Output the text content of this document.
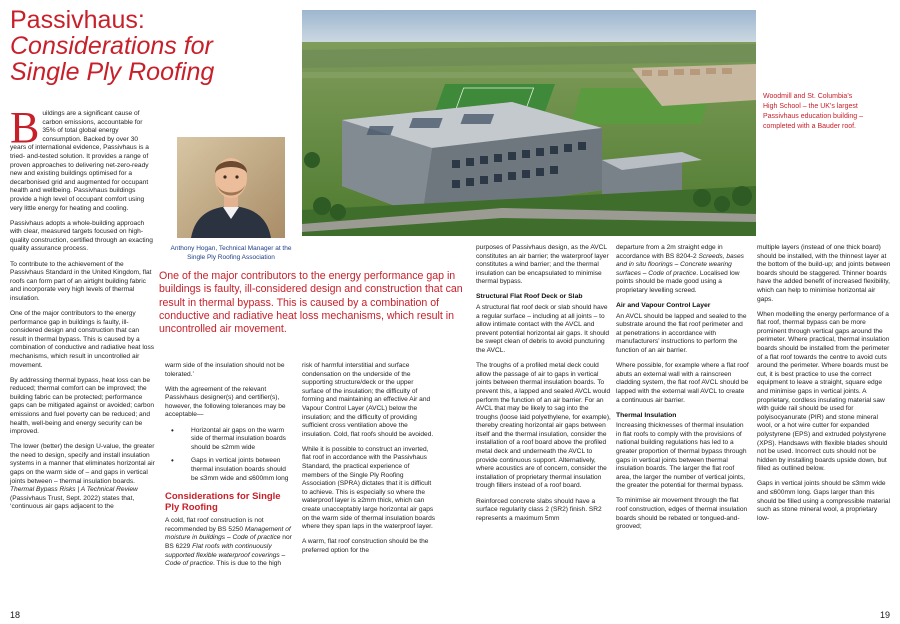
Passivhaus:
Considerations for
Single Ply Roofing

Buildings are a significant cause of carbon emissions, accountable for 35% of total global energy consumption. Backed by over 30 years of international evidence, Passivhaus is a tried- and-tested solution. It provides a range of proven approaches to delivering net-zero-ready new and existing buildings optimised for a decarbonised grid and augmented for occupant health and wellbeing. Passivhaus buildings provide a high level of occupant comfort using very little energy for heating and cooling.

Passivhaus adopts a whole-building approach with clear, measured targets focused on high-quality construction, certified through an exacting quality assurance process.

To contribute to the achievement of the Passivhaus Standard in the United Kingdom, flat roofs can form part of an airtight building fabric and incorporate very high levels of thermal insulation.

One of the major contributors to the energy performance gap in buildings is faulty, ill-considered design and construction that can result in thermal bypass. This is caused by a combination of conductive and radiative heat loss mechanisms, which result in uncontrolled air movement.

By addressing thermal bypass, heat loss can be reduced; thermal comfort can be improved; the building fabric can be protected; performance gaps can be mitigated against or avoided; carbon emissions and fuel poverty can be reduced; and health, well-being and energy security can be improved.

The lower (better) the design U-value, the greater the need to design, specify and install insulation systems in a manner that eliminates horizontal air gaps on the warm side of – and gaps in vertical joints between – thermal insulation boards. Thermal Bypass Risks | A Technical Review (Passivhaus Trust, Sept. 2022) states that, ‘continuous air gaps adjacent to the

Anthony Hogan, Technical Manager at the Single Ply Roofing Association
One of the major contributors to the energy performance gap in buildings is faulty, ill-considered design and construction that can result in thermal bypass. This is caused by a combination of conductive and radiative heat loss mechanisms, which result in uncontrolled air movement.

warm side of the insulation should not be tolerated.’

With the agreement of the relevant Passivhaus designer(s) and certifier(s), however, the following tolerances may be acceptable—

• Horizontal air gaps on the warm side of thermal insulation boards should be ≤2mm wide
• Gaps in vertical joints between thermal insulation boards should be ≤3mm wide and ≤600mm long
Considerations for Single Ply Roofing

A cold, flat roof construction is not recommended by BS 5250 Management of moisture in buildings – Code of practice nor BS 6229 Flat roofs with continuously supported flexible waterproof coverings – Code of practice. This is due to the high

risk of harmful interstitial and surface condensation on the underside of the supporting structure/deck or the upper surface of the insulation; the difficulty of forming and maintaining an effective Air and Vapour Control Layer (AVCL) below the insulation; and the difficulty of providing sufficient cross ventilation above the insulation. Cold, flat roofs should be avoided.

While it is possible to construct an inverted, flat roof in accordance with the Passivhaus Standard, the practical experience of members of the Single Ply Roofing Association (SPRA) dictates that it is difficult to achieve. This is especially so where the waterproof layer is ≥2mm thick, which can create unacceptably large horizontal air gaps on the warm side of thermal insulation boards where they span laps in the waterproof layer.

A warm, flat roof construction should be the preferred option for the

18
Woodmill and St. Columbia’s High School – the UK’s largest Passivhaus education building – completed with a Bauder roof.

purposes of Passivhaus design, as the AVCL constitutes an air barrier; the waterproof layer constitutes a wind barrier; and the thermal insulation can be encapsulated to minimise thermal bypass.

Structural Flat Roof Deck or Slab

A structural flat roof deck or slab should have a regular surface – including at all joints – to allow intimate contact with the AVCL and prevent potential horizontal air gaps. It should be swept clean of debris to avoid puncturing the AVCL.

The troughs of a profiled metal deck could allow the passage of air to gaps in vertical joints between thermal insulation boards. To prevent this, a lapped and sealed AVCL would perform the function of an air barrier. For an AVCL that may be likely to sag into the troughs (loose laid polyethylene, for example), thereby creating horizontal air gaps between itself and the thermal insulation, consider the installation of a roof board above the profiled metal deck and underneath the AVCL to provide continuous support. Alternatively, where acoustics are of concern, consider the installation of proprietary thermal insulation trough fillers instead of a roof board.

Reinforced concrete slabs should have a surface regularity class 2 (SR2) finish. SR2 represents a maximum 5mm

departure from a 2m straight edge in accordance with BS 8204-2 Screeds, bases and in situ floorings – Concrete wearing surfaces – Code of practice. Localised low points should be made good using a proprietary levelling screed.

Air and Vapour Control Layer

An AVCL should be lapped and sealed to the substrate around the flat roof perimeter and at penetrations in accordance with manufacturers’ instructions to perform the function of an air barrier.

Where possible, for example where a flat roof abuts an external wall with a rainscreen cladding system, the flat roof AVCL should be lapped with the external wall AVCL to create a continuous air barrier.

Thermal Insulation

Increasing thicknesses of thermal insulation in flat roofs to comply with the provisions of national building regulations has led to a greater proportion of thermal bypass through gaps in vertical joints between thermal insulation boards. The larger the flat roof area, the larger the number of vertical joints, the greater the potential for thermal bypass.

To minimise air movement through the flat roof construction, edges of thermal insulation boards should be rebated or tongued-and-grooved;

multiple layers (instead of one thick board) should be installed, with the thinnest layer at the bottom of the build-up; and joints between boards should be staggered. Thinner boards have the added benefit of increased flexibility, which can help to minimise horizontal air gaps.

When modelling the energy performance of a flat roof, thermal bypass can be more prominent through vertical gaps around the perimeter. Where practical, thermal insulation boards should be installed from the perimeter of a flat roof towards the centre to avoid cuts around the perimeter. Where boards must be cut, it is best practice to use the correct equipment to leave a straight, square edge and minimise gaps in vertical joints. A proprietary, cordless insulating material saw with guide rail should be used for polyisocyanurate (PIR) and stone mineral wool, or a hot wire cutter for expanded polystyrene (EPS) and extruded polystyrene (XPS). Handsaws with flexible blades should not be used. Incorrect cuts should not be hidden by installing boards upside down, but filled as outlined below.

Gaps in vertical joints should be ≤3mm wide and ≤600mm long. Gaps larger than this should be filled using a compressible material such as stone mineral wool, a proprietary low-

19
